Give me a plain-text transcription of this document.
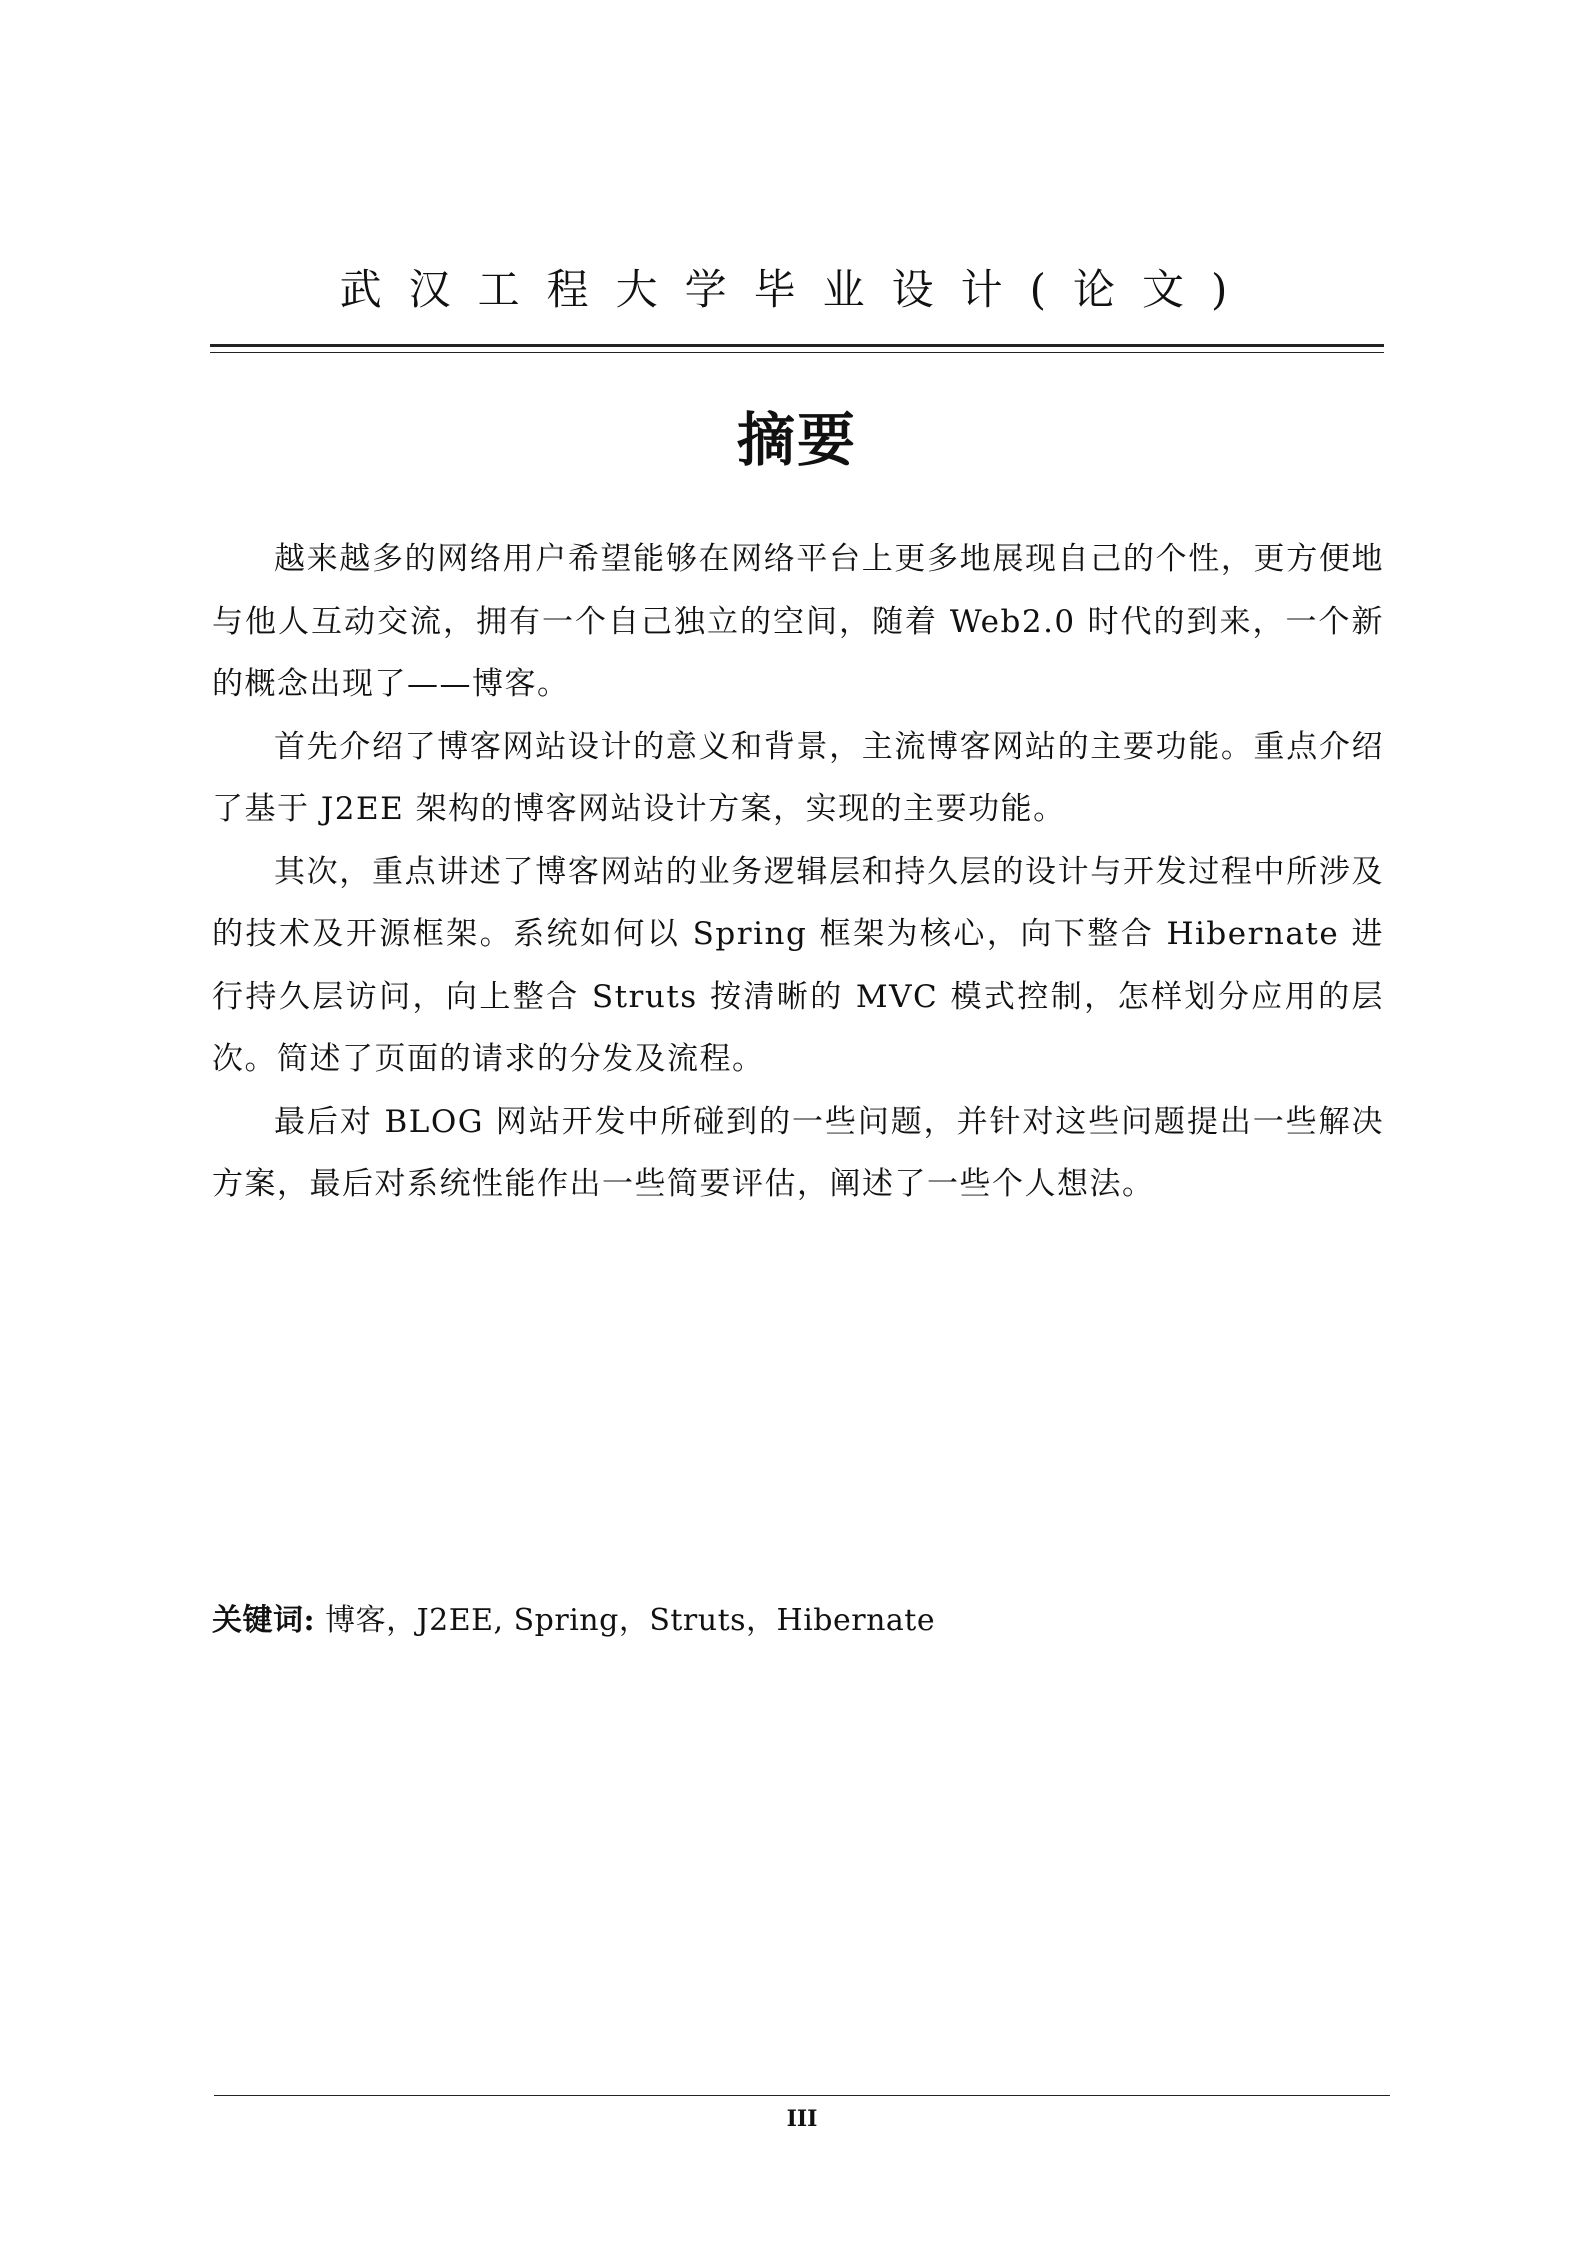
武汉工程大学毕业设计(论文)
摘要

越来越多的网络用户希望能够在网络平台上更多地展现自己的个性，更方便地与他人互动交流，拥有一个自己独立的空间，随着 Web2.0 时代的到来，一个新的概念出现了——博客。

首先介绍了博客网站设计的意义和背景，主流博客网站的主要功能。重点介绍了基于 J2EE 架构的博客网站设计方案，实现的主要功能。

其次，重点讲述了博客网站的业务逻辑层和持久层的设计与开发过程中所涉及的技术及开源框架。系统如何以 Spring 框架为核心，向下整合 Hibernate 进行持久层访问，向上整合 Struts 按清晰的 MVC 模式控制，怎样划分应用的层次。简述了页面的请求的分发及流程。

最后对 BLOG 网站开发中所碰到的一些问题，并针对这些问题提出一些解决方案，最后对系统性能作出一些简要评估，阐述了一些个人想法。

关键词: 博客，J2EE, Spring，Struts，Hibernate
III
